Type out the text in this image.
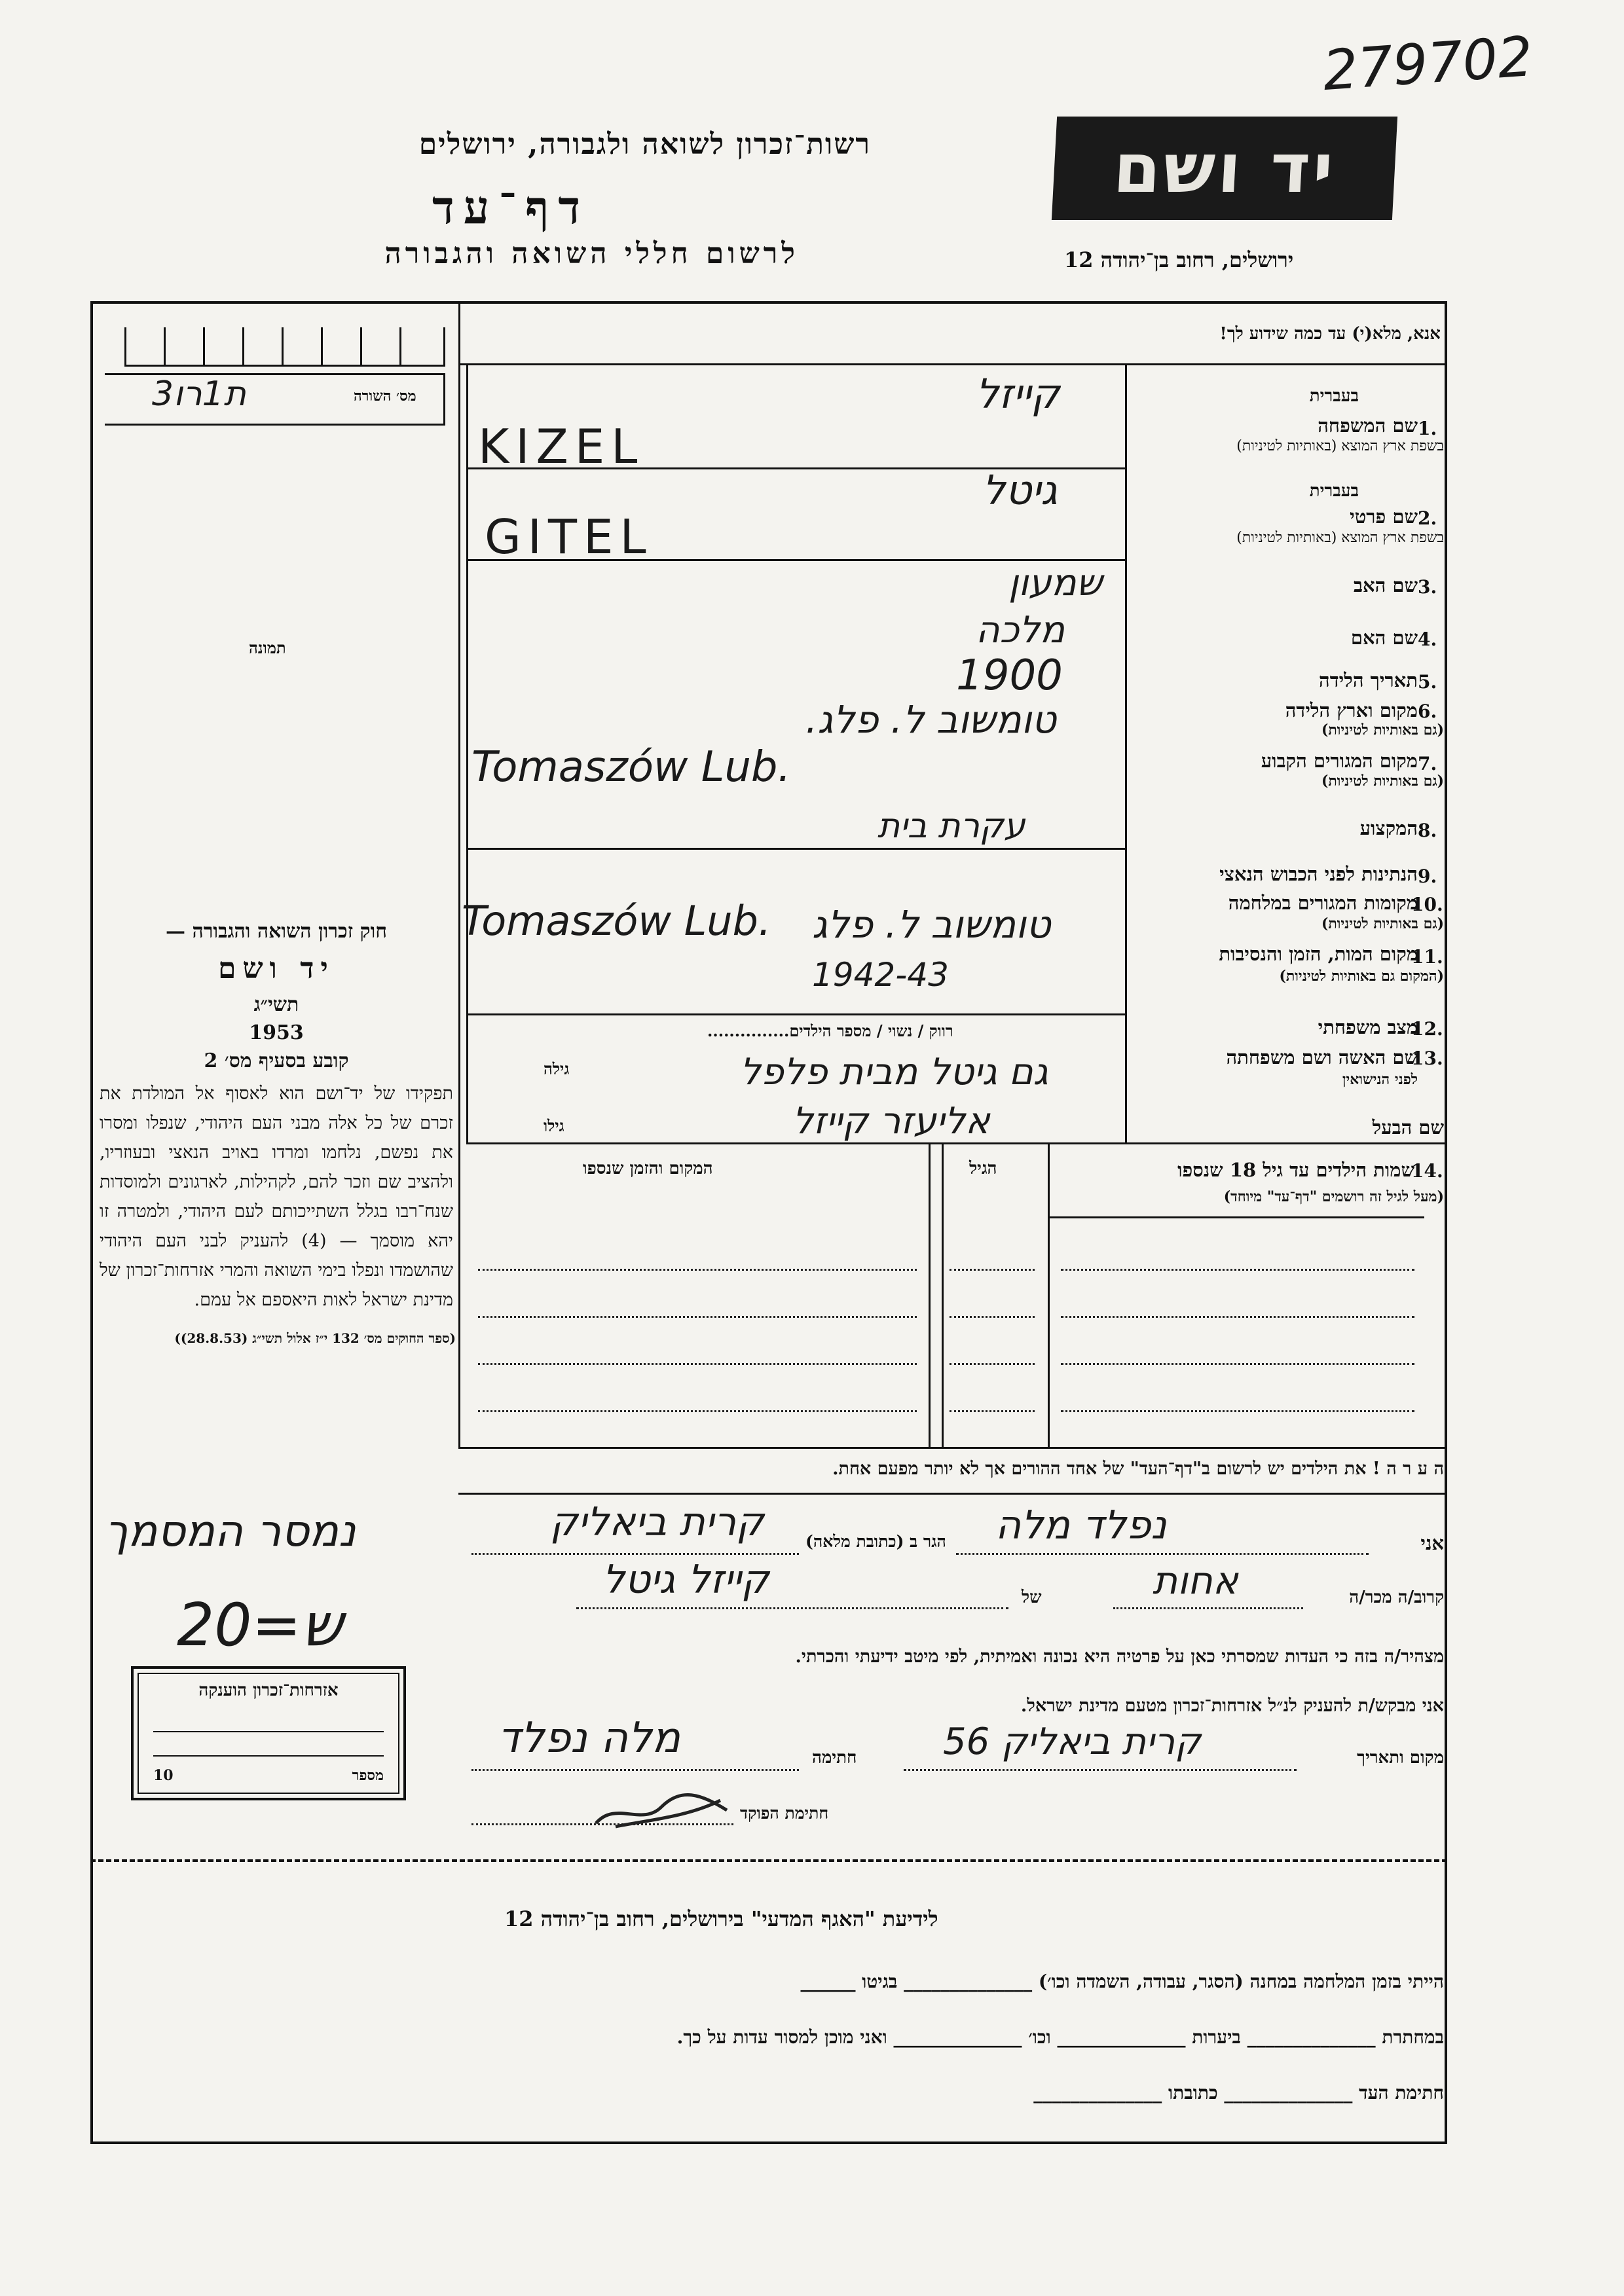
279702
רשות־זכרון לשואה ולגבורה, ירושלים
דף־עד
לרשום חללי השואה והגבורה
יד ושם
ירושלים, רחוב בן־יהודה 12
מס׳ השורה
3ת1רו
תמונה
חוק זכרון השואה והגבורה —
יד ושם
תשי״ג
1953
קובע בסעיף מס׳ 2
תפקידו של יד־ושם הוא לאסוף אל המולדת את זכרם של כל אלה מבני העם היהודי, שנפלו ומסרו את נפשם, נלחמו ומרדו באויב הנאצי ובעוזריו, ולהציב שם וזכר להם, לקהילות, לארגונים ולמוסדות שנח־רבו בגלל השתייכותם לעם היהודי, ולמטרה זו יהא מוסמך — (4) להעניק לבני העם היהודי שהושמדו ונפלו בימי השואה והמרי אזרחות־זכרון של מדינת ישראל לאות היאספם אל עמם.
(ספר החוקים מס׳ 132 י״ז אלול תשי״ג (28.8.53))
נמסר המסמך
ש=20
אזרחות־זכרון הוענקה
מספר
10
אנא, מלא(י) עד כמה שידוע לך!
1.
שם המשפחה
בעברית
בשפת ארץ המוצא (באותיות לטיניות)
2.
שם פרטי
בעברית
בשפת ארץ המוצא (באותיות לטיניות)
3.
שם האב
4.
שם האם
5.
תאריך הלידה
6.
מקום וארץ הלידה
(גם באותיות לטיניות)
7.
מקום המגורים הקבוע
(גם באותיות לטיניות)
8.
המקצוע
9.
הנתינות לפני הכבוש הנאצי
10.
מקומות המגורים במלחמה
(גם באותיות לטיניות)
11.
מקום המות, הזמן והנסיבות
(המקום גם באותיות לטיניות)
12.
מצב משפחתי
13.
שם האשה ושם משפחתה
לפני הנישואין
שם הבעל
גילה
גילו
קייזל
KIZEL
גיטל
GITEL
שמעון
מלכה
1900
טומשוב ל. פלג.
Tomaszów Lub.
עקרת בית
טומשוב ל. פלג
Tomaszów Lub.
1942-43
רווק / נשוי / מספר הילדים...............
גם גיטל מבית פלפל
אליעזר קייזל
14.
שמות הילדים עד גיל 18 שנספו
(מעל לגיל זה רושמים "דף־עד" מיוחד)
הגיל
המקום והזמן שנספו
ה ע ר ה ! את הילדים יש לרשום ב"דף־העד" של אחד ההורים אך לא יותר מפעם אחת.
אני
נפלד מלה
הגר ב (כתובת מלאה)
קרית ביאליק
קרוב/ה מכר/ה
אחות
של
קייזל גיטל
מצהיר/ה בזה כי העדות שמסרתי כאן על פרטיה היא נכונה ואמיתית, לפי מיטב ידיעתי והכרתי.
אני מבקש/ת להעניק לנ״ל אזרחות־זכרון מטעם מדינת ישראל.
מקום ותאריך
קרית ביאליק 56
חתימה
מלה נפלד
חתימת הפוקד
לידיעת "האגף המדעי" בירושלים, רחוב בן־יהודה 12
הייתי בזמן המלחמה במחנה (הסגר, עבודה, השמדה וכו׳) ______________ בגיטו ______
במחתרת ______________ ביערות ______________ וכו׳ ______________ ואני מוכן למסור עדות על כך.
חתימת העד ______________ כתובתו ______________
